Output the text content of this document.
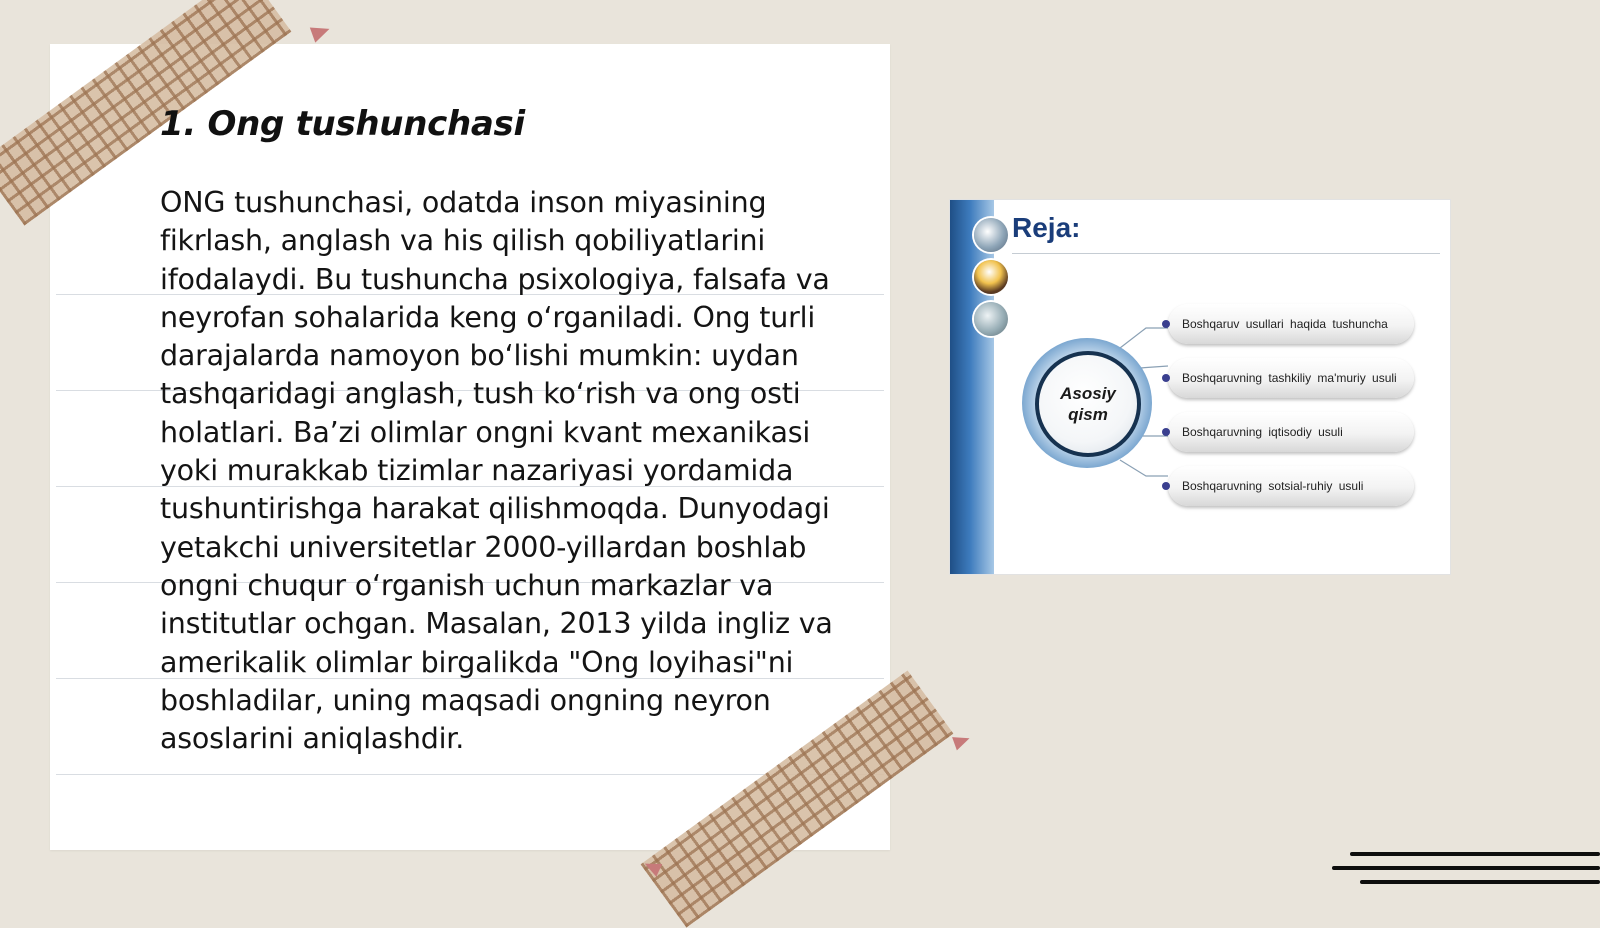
1. Ong tushunchasi

ONG tushunchasi, odatda inson miyasining fikrlash, anglash va his qilish qobiliyatlarini ifodalaydi. Bu tushuncha psixologiya, falsafa va neyrofan sohalarida keng o‘rganiladi. Ong turli darajalarda namoyon bo‘lishi mumkin: uydan tashqaridagi anglash, tush ko‘rish va ong osti holatlari. Ba’zi olimlar ongni kvant mexanikasi yoki murakkab tizimlar nazariyasi yordamida tushuntirishga harakat qilishmoqda. Dunyodagi yetakchi universitetlar 2000-yillardan boshlab ongni chuqur o‘rganish uchun markazlar va institutlar ochgan. Masalan, 2013 yilda ingliz va amerikalik olimlar birgalikda "Ong loyihasi"ni boshladilar, uning maqsadi ongning neyron asoslarini aniqlashdir.

Reja:
Asosiy qism
Boshqaruv usullari haqida tushuncha
Boshqaruvning tashkiliy ma'muriy usuli
Boshqaruvning iqtisodiy usuli
Boshqaruvning sotsial-ruhiy usuli
